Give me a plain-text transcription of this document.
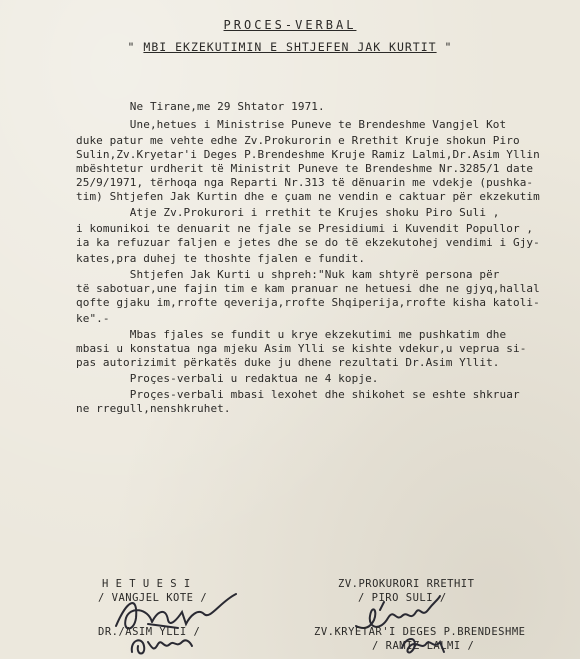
PROCES-VERBAL
" MBI EKZEKUTIMIN E SHTJEFEN JAK KURTIT "
Ne Tirane,me 29 Shtator 1971.
Une,hetues i Ministrise Puneve te Brendeshme Vangjel Kot
duke patur me vehte edhe Zv.Prokurorin e Rrethit Kruje shokun Piro
Sulin,Zv.Kryetar'i Deges P.Brendeshme Kruje Ramiz Lalmi,Dr.Asim Yllin
mbështetur urdherit të Ministrit Puneve te Brendeshme Nr.3285/1 date
25/9/1971, tërhoqa nga Reparti Nr.313 të dënuarin me vdekje (pushka-
tim) Shtjefen Jak Kurtin dhe e çuam ne vendin e caktuar për ekzekutim
Atje Zv.Prokurori i rrethit te Krujes shoku Piro Suli ,
i komunikoi te denuarit ne fjale se Presidiumi i Kuvendit Popullor ,
ia ka refuzuar faljen e jetes dhe se do të ekzekutohej vendimi i Gjy-
kates,pra duhej te thoshte fjalen e fundit.
Shtjefen Jak Kurti u shpreh:"Nuk kam shtyrë persona për
të sabotuar,une fajin tim e kam pranuar ne hetuesi dhe ne gjyq,hallal
qofte gjaku im,rrofte qeverija,rrofte Shqiperija,rrofte kisha katoli-
ke".-
Mbas fjales se fundit u krye ekzekutimi me pushkatim dhe
mbasi u konstatua nga mjeku Asim Ylli se kishte vdekur,u veprua si-
pas autorizimit përkatës duke ju dhene rezultati Dr.Asim Yllit.
Proçes-verbali u redaktua ne 4 kopje.
Proçes-verbali mbasi lexohet dhe shikohet se eshte shkruar
ne rregull,nenshkruhet.
H E T U E S I
/ VANGJEL KOTE /
ZV.PROKURORI RRETHIT
/ PIRO SULI /
DR./ASIM YLLI /	ZV.KRYETAR'I DEGES P.BRENDESHME
/ RAMIZ LALMI /
